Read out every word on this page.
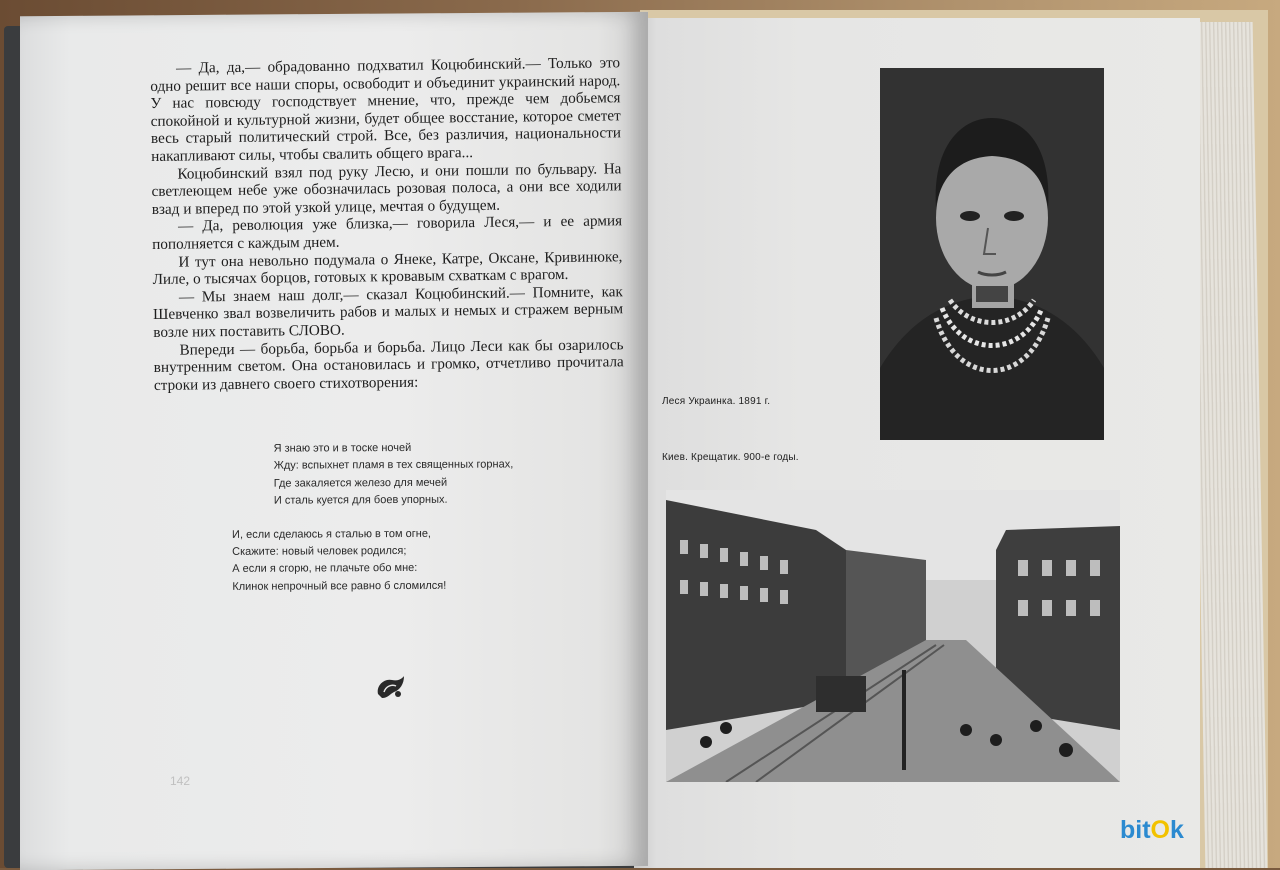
— Да, да,— обрадованно подхватил Коцюбинский.— Только это одно решит все наши споры, освободит и объединит украинский народ. У нас повсюду господствует мнение, что, прежде чем добьемся спокойной и культурной жизни, будет общее восстание, которое сметет весь старый политический строй. Все, без различия, национальности накапливают силы, чтобы свалить общего врага...

Коцюбинский взял под руку Лесю, и они пошли по бульвару. На светлеющем небе уже обозначилась розовая полоса, а они все ходили взад и вперед по этой узкой улице, мечтая о будущем.

— Да, революция уже близка,— говорила Леся,— и ее армия пополняется с каждым днем.

И тут она невольно подумала о Янеке, Катре, Оксане, Кривинюке, Лиле, о тысячах борцов, готовых к кровавым схваткам с врагом.

— Мы знаем наш долг,— сказал Коцюбинский.— Помните, как Шевченко звал возвеличить рабов и малых и немых и стражем верным возле них поставить СЛОВО.

Впереди — борьба, борьба и борьба. Лицо Леси как бы озарилось внутренним светом. Она остановилась и громко, отчетливо прочитала строки из давнего своего стихотворения:

Я знаю это и в тоске ночей
Жду: вспыхнет пламя в тех священных горнах,
Где закаляется железо для мечей
И сталь куется для боев упорных.
И, если сделаюсь я сталью в том огне,
Скажите: новый человек родился;
А если я сгорю, не плачьте обо мне:
Клинок непрочный все равно б сломился!
142
Леся Украинка. 1891 г.
Киев. Крещатик. 900-е годы.
bitOk
